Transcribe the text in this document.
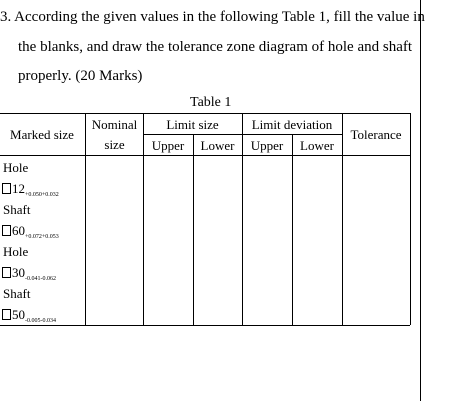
3. According the given values in the following Table 1, fill the value in
the blanks, and draw the tolerance zone diagram of hole and shaft
properly. (20 Marks)
Table 1
Marked size
Nominal
size
Limit size
Upper	Lower
Limit deviation
Upper	Lower
Tolerance
Hole
$12_{+0.050+0.032}$
Shaft
$60_{+0.072+0.053}$
Hole
$30_{-0.041-0.062}$
Shaft
$50_{-0.005-0.034}$
